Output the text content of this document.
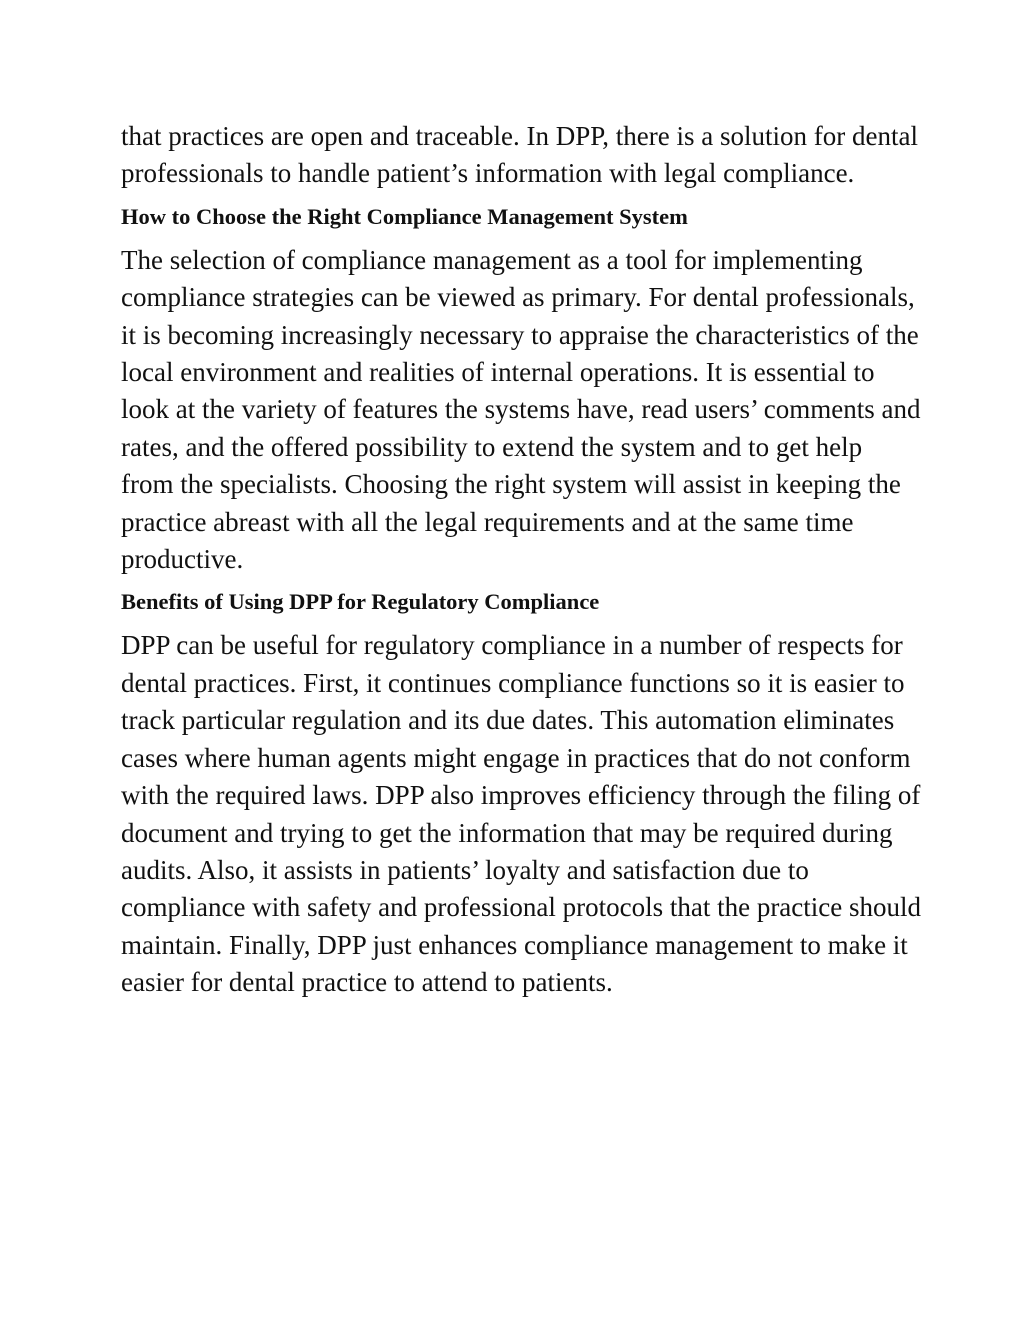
that practices are open and traceable. In DPP, there is a solution for dental professionals to handle patient’s information with legal compliance.

How to Choose the Right Compliance Management System

The selection of compliance management as a tool for implementing compliance strategies can be viewed as primary. For dental professionals, it is becoming increasingly necessary to appraise the characteristics of the local environment and realities of internal operations. It is essential to look at the variety of features the systems have, read users’ comments and rates, and the offered possibility to extend the system and to get help from the specialists. Choosing the right system will assist in keeping the practice abreast with all the legal requirements and at the same time productive.

Benefits of Using DPP for Regulatory Compliance

DPP can be useful for regulatory compliance in a number of respects for dental practices. First, it continues compliance functions so it is easier to track particular regulation and its due dates. This automation eliminates cases where human agents might engage in practices that do not conform with the required laws. DPP also improves efficiency through the filing of document and trying to get the information that may be required during audits. Also, it assists in patients’ loyalty and satisfaction due to compliance with safety and professional protocols that the practice should maintain. Finally, DPP just enhances compliance management to make it easier for dental practice to attend to patients.
